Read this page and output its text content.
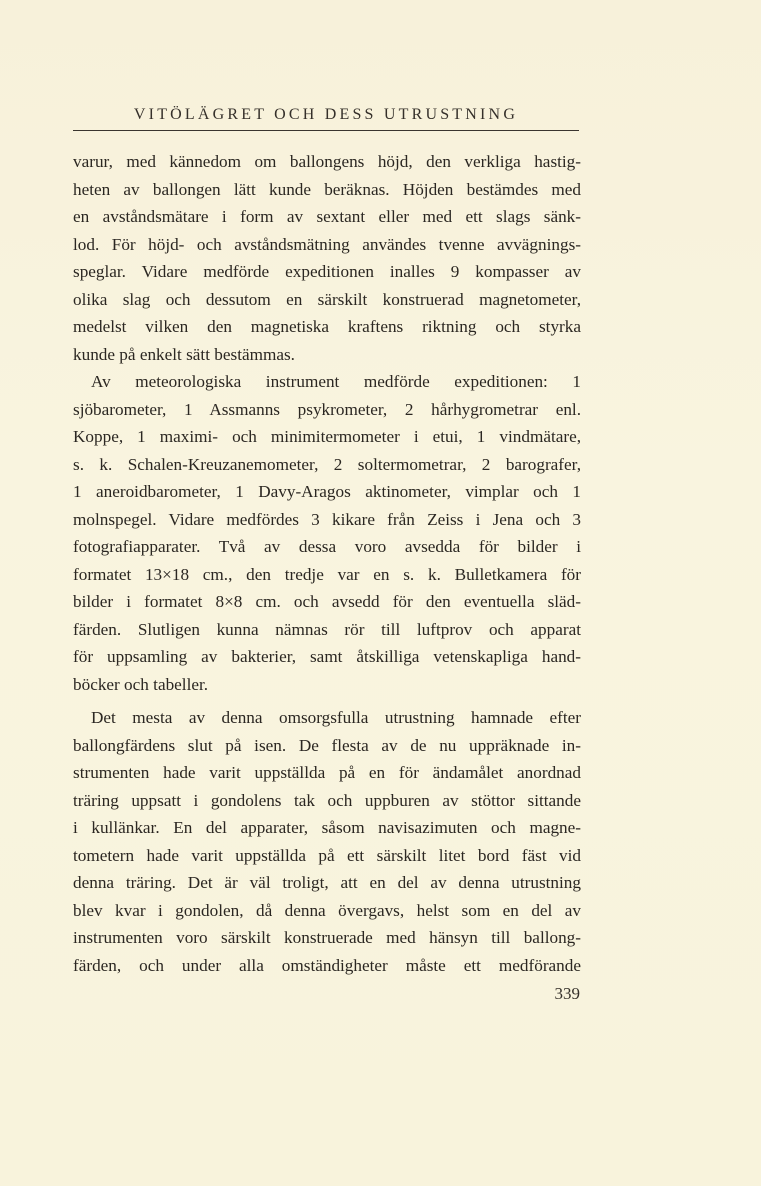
VITÖLÄGRET OCH DESS UTRUSTNING
varur, med kännedom om ballongens höjd, den verkliga hastig-
heten av ballongen lätt kunde beräknas. Höjden bestämdes med
en avståndsmätare i form av sextant eller med ett slags sänk-
lod. För höjd- och avståndsmätning användes tvenne avvägnings-
speglar. Vidare medförde expeditionen inalles 9 kompasser av
olika slag och dessutom en särskilt konstruerad magnetometer,
medelst vilken den magnetiska kraftens riktning och styrka
kunde på enkelt sätt bestämmas.
Av meteorologiska instrument medförde expeditionen: 1
sjöbarometer, 1 Assmanns psykrometer, 2 hårhygrometrar enl.
Koppe, 1 maximi- och minimitermometer i etui, 1 vindmätare,
s. k. Schalen-Kreuzanemometer, 2 soltermometrar, 2 barografer,
1 aneroidbarometer, 1 Davy-Aragos aktinometer, vimplar och 1
molnspegel. Vidare medfördes 3 kikare från Zeiss i Jena och 3
fotografiapparater. Två av dessa voro avsedda för bilder i
formatet 13×18 cm., den tredje var en s. k. Bulletkamera för
bilder i formatet 8×8 cm. och avsedd för den eventuella släd-
färden. Slutligen kunna nämnas rör till luftprov och apparat
för uppsamling av bakterier, samt åtskilliga vetenskapliga hand-
böcker och tabeller.
Det mesta av denna omsorgsfulla utrustning hamnade efter
ballongfärdens slut på isen. De flesta av de nu uppräknade in-
strumenten hade varit uppställda på en för ändamålet anordnad
träring uppsatt i gondolens tak och uppburen av stöttor sittande
i kullänkar. En del apparater, såsom navisazimuten och magne-
tometern hade varit uppställda på ett särskilt litet bord fäst vid
denna träring. Det är väl troligt, att en del av denna utrustning
blev kvar i gondolen, då denna övergavs, helst som en del av
instrumenten voro särskilt konstruerade med hänsyn till ballong-
färden, och under alla omständigheter måste ett medförande
339
